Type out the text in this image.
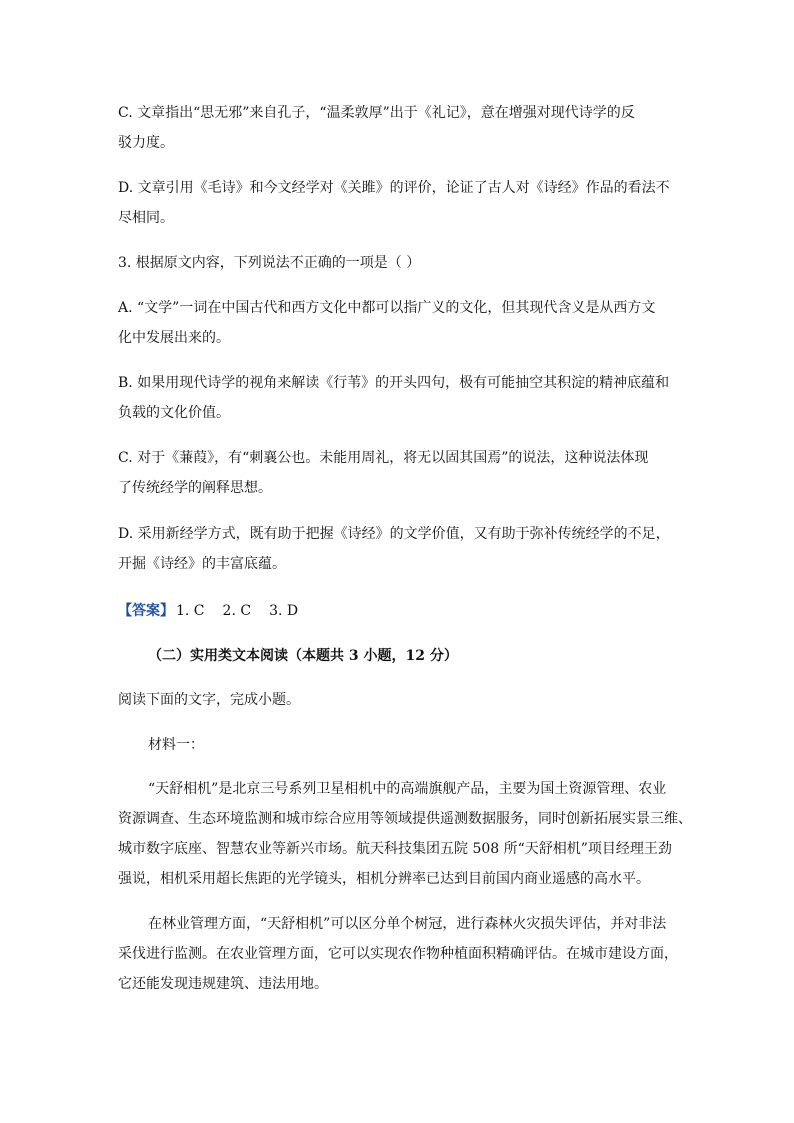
C. 文章指出“思无邪”来自孔子，“温柔敦厚”出于《礼记》，意在增强对现代诗学的反

驳力度。

D. 文章引用《毛诗》和今文经学对《关雎》的评价，论证了古人对《诗经》作品的看法不

尽相同。

3. 根据原文内容，下列说法不正确的一项是（ ）

A. “文学”一词在中国古代和西方文化中都可以指广义的文化，但其现代含义是从西方文

化中发展出来的。

B. 如果用现代诗学的视角来解读《行苇》的开头四句，极有可能抽空其积淀的精神底蕴和

负载的文化价值。

C. 对于《蒹葭》，有“刺襄公也。未能用周礼，将无以固其国焉”的说法，这种说法体现

了传统经学的阐释思想。

D. 采用新经学方式，既有助于把握《诗经》的文学价值，又有助于弥补传统经学的不足，

开掘《诗经》的丰富底蕴。

【答案】 1. C 2. C 3. D

（二）实用类文本阅读（本题共 3 小题，12 分）

阅读下面的文字，完成小题。

材料一：

“天舒相机”是北京三号系列卫星相机中的高端旗舰产品，主要为国土资源管理、农业

资源调查、生态环境监测和城市综合应用等领域提供遥测数据服务，同时创新拓展实景三维、

城市数字底座、智慧农业等新兴市场。航天科技集团五院 508 所“天舒相机”项目经理王劲

强说，相机采用超长焦距的光学镜头，相机分辨率已达到目前国内商业遥感的高水平。

在林业管理方面，“天舒相机”可以区分单个树冠，进行森林火灾损失评估，并对非法

采伐进行监测。在农业管理方面，它可以实现农作物种植面积精确评估。在城市建设方面，

它还能发现违规建筑、违法用地。
